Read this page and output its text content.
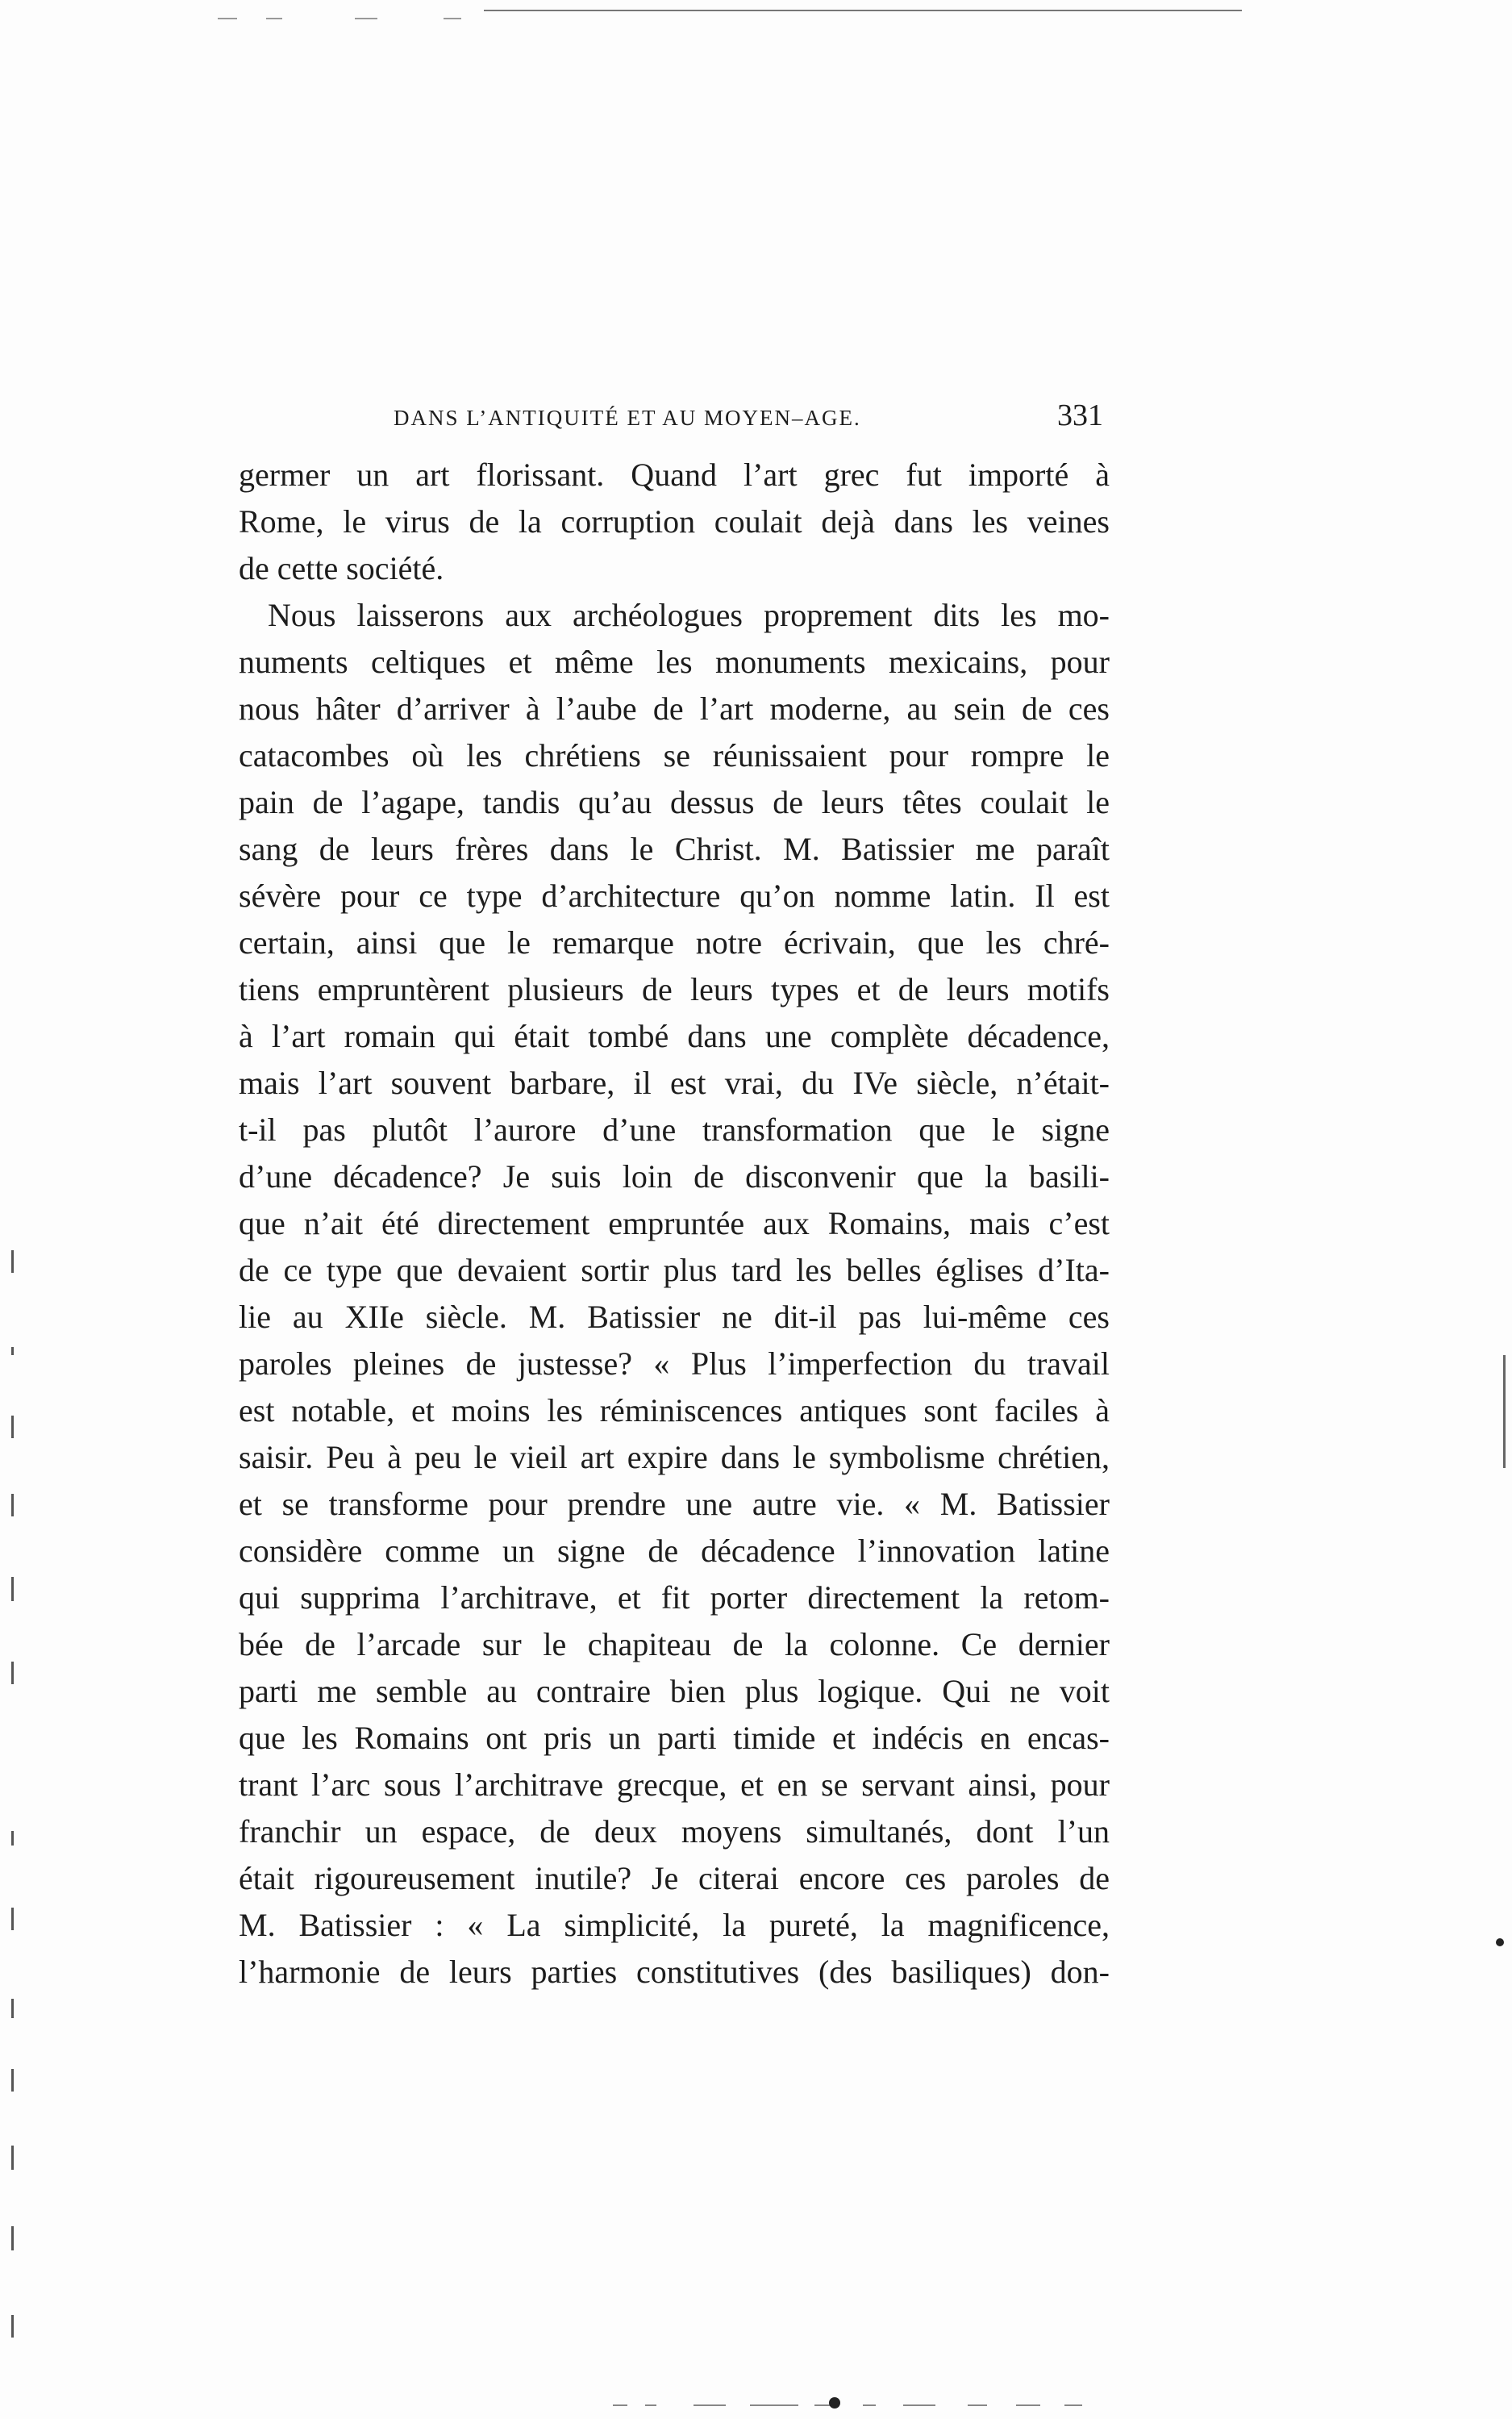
DANS L’ANTIQUITÉ ET AU MOYEN–AGE.	331
germer un art florissant. Quand l’art grec fut importé à
Rome, le virus de la corruption coulait dejà dans les veines
de cette société.
Nous laisserons aux archéologues proprement dits les mo-
numents celtiques et même les monuments mexicains, pour
nous hâter d’arriver à l’aube de l’art moderne, au sein de ces
catacombes où les chrétiens se réunissaient pour rompre le
pain de l’agape, tandis qu’au dessus de leurs têtes coulait le
sang de leurs frères dans le Christ. M. Batissier me paraît
sévère pour ce type d’architecture qu’on nomme latin. Il est
certain, ainsi que le remarque notre écrivain, que les chré-
tiens empruntèrent plusieurs de leurs types et de leurs motifs
à l’art romain qui était tombé dans une complète décadence,
mais l’art souvent barbare, il est vrai, du IVe siècle, n’était-
t-il pas plutôt l’aurore d’une transformation que le signe
d’une décadence? Je suis loin de disconvenir que la basili-
que n’ait été directement empruntée aux Romains, mais c’est
de ce type que devaient sortir plus tard les belles églises d’Ita-
lie au XIIe siècle. M. Batissier ne dit-il pas lui-même ces
paroles pleines de justesse? « Plus l’imperfection du travail
est notable, et moins les réminiscences antiques sont faciles à
saisir. Peu à peu le vieil art expire dans le symbolisme chrétien,
et se transforme pour prendre une autre vie. « M. Batissier
considère comme un signe de décadence l’innovation latine
qui supprima l’architrave, et fit porter directement la retom-
bée de l’arcade sur le chapiteau de la colonne. Ce dernier
parti me semble au contraire bien plus logique. Qui ne voit
que les Romains ont pris un parti timide et indécis en encas-
trant l’arc sous l’architrave grecque, et en se servant ainsi, pour
franchir un espace, de deux moyens simultanés, dont l’un
était rigoureusement inutile? Je citerai encore ces paroles de
M. Batissier : « La simplicité, la pureté, la magnificence,
l’harmonie de leurs parties constitutives (des basiliques) don-
